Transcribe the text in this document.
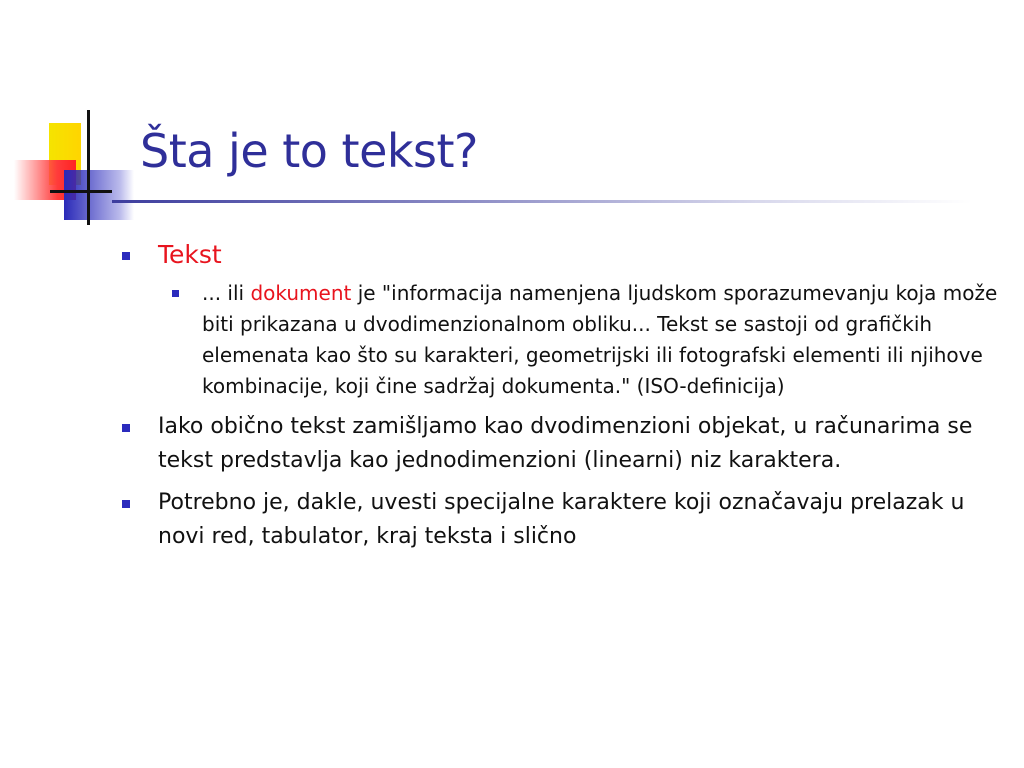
Šta je to tekst?
Tekst
... ili dokument je "informacija namenjena ljudskom sporazumevanju koja može biti prikazana u dvodimenzionalnom obliku... Tekst se sastoji od grafičkih elemenata kao što su karakteri, geometrijski ili fotografski elementi ili njihove kombinacije, koji čine sadržaj dokumenta." (ISO-definicija)
Iako obično tekst zamišljamo kao dvodimenzioni objekat, u računarima se tekst predstavlja kao jednodimenzioni (linearni) niz karaktera.
Potrebno je, dakle, uvesti specijalne karaktere koji označavaju prelazak u novi red, tabulator, kraj teksta i slično
